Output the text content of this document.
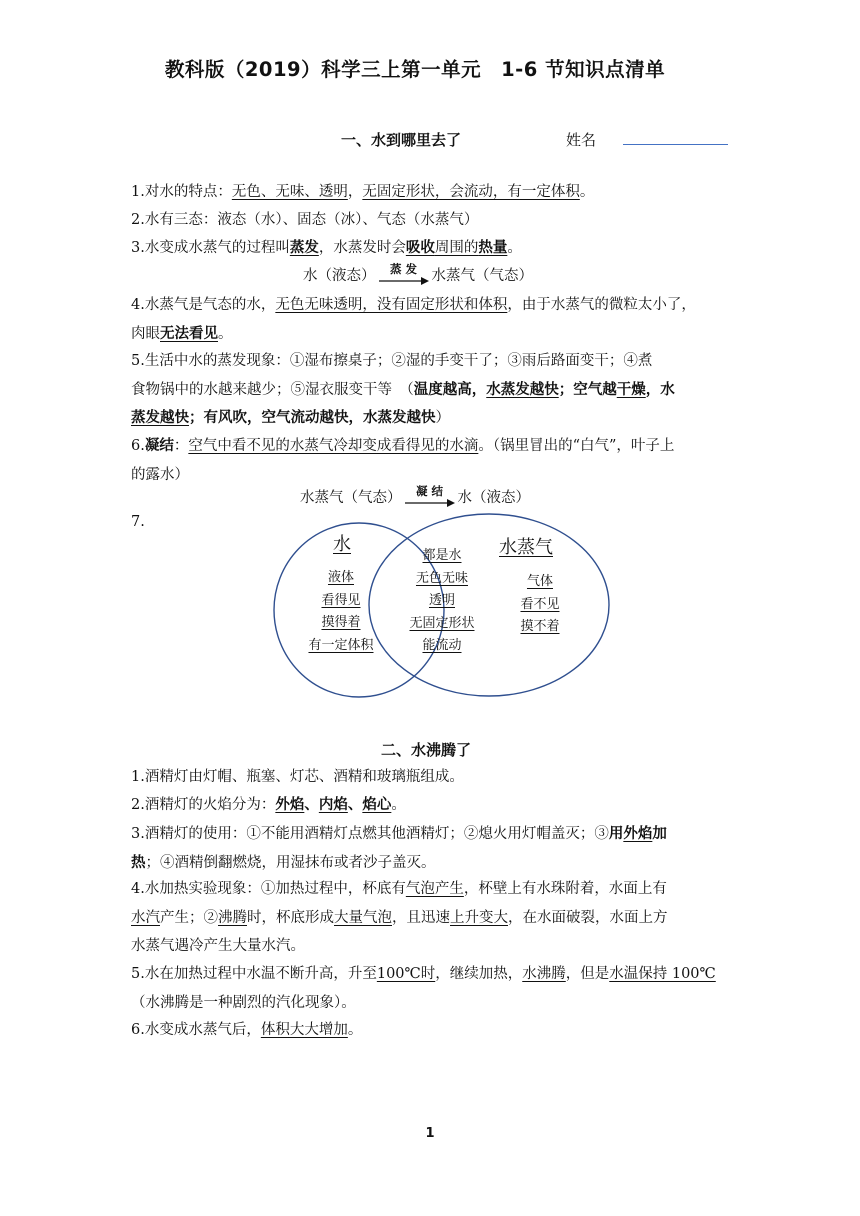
教科版（2019）科学三上第一单元　1-6 节知识点清单
一、水到哪里去了	姓名
1.对水的特点：无色、无味、透明，无固定形状，会流动，有一定体积。
2.水有三态：液态（水）、固态（冰）、气态（水蒸气）
3.水变成水蒸气的过程叫蒸发，水蒸发时会吸收周围的热量。
水（液态）	蒸 发	水蒸气（气态）
4.水蒸气是气态的水，无色无味透明，没有固定形状和体积，由于水蒸气的微粒太小了，
肉眼无法看见。
5.生活中水的蒸发现象：①湿布擦桌子；②湿的手变干了；③雨后路面变干；④煮
食物锅中的水越来越少；⑤湿衣服变干等　（温度越高，水蒸发越快；空气越干燥，水
蒸发越快；有风吹，空气流动越快，水蒸发越快）
6.凝结：空气中看不见的水蒸气冷却变成看得见的水滴。（锅里冒出的“白气”，叶子上
的露水）
水蒸气（气态）	凝 结	水（液态）
7.
水
液体
看得见
摸得着
有一定体积
都是水
无色无味
透明
无固定形状
能流动
水蒸气
气体
看不见
摸不着
二、水沸腾了
1.酒精灯由灯帽、瓶塞、灯芯、酒精和玻璃瓶组成。
2.酒精灯的火焰分为：外焰、内焰、焰心。
3.酒精灯的使用：①不能用酒精灯点燃其他酒精灯；②熄火用灯帽盖灭；③用外焰加
热；④酒精倒翻燃烧，用湿抹布或者沙子盖灭。
4.水加热实验现象：①加热过程中，杯底有气泡产生，杯壁上有水珠附着，水面上有
水汽产生；②沸腾时，杯底形成大量气泡，且迅速上升变大，在水面破裂，水面上方
水蒸气遇冷产生大量水汽。
5.水在加热过程中水温不断升高，升至100℃时，继续加热，水沸腾，但是水温保持 100℃
（水沸腾是一种剧烈的汽化现象）。
6.水变成水蒸气后，体积大大增加。
1
